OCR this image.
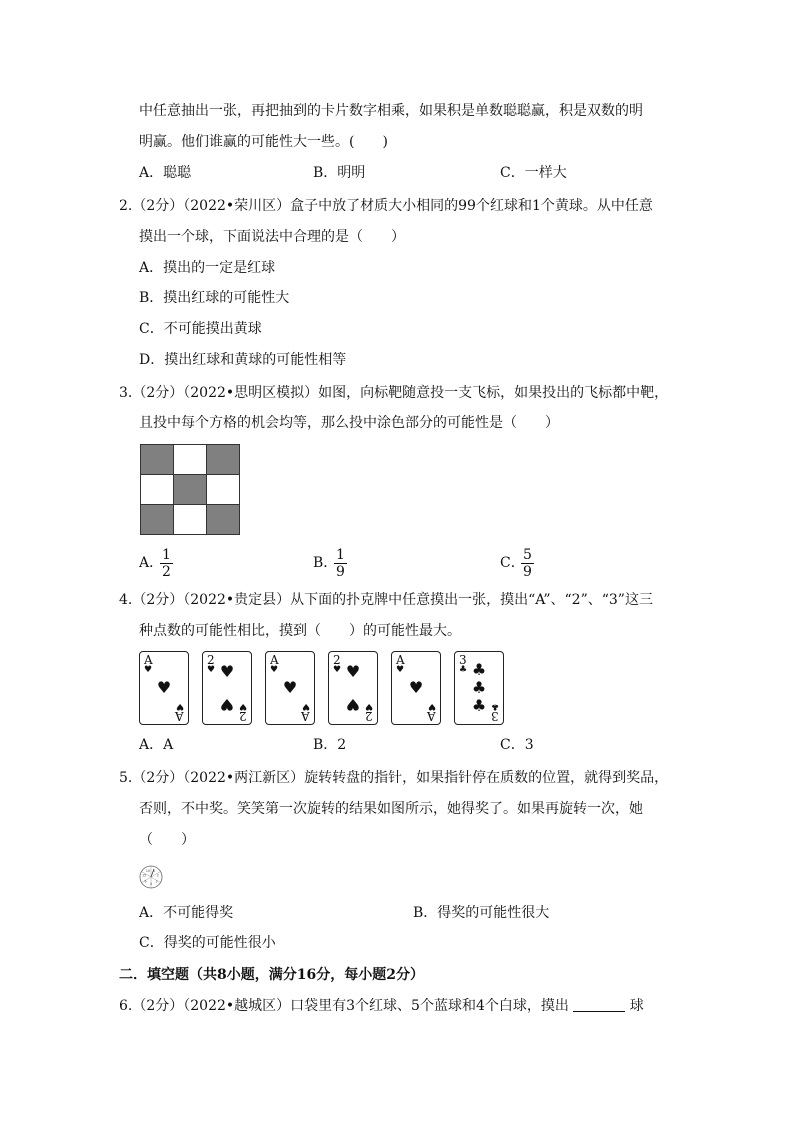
中任意抽出一张，再把抽到的卡片数字相乘，如果积是单数聪聪赢，积是双数的明
明赢。他们谁赢的可能性大一些。(　　)
A．聪聪	B．明明	C．一样大
2.（2分）（2022•荣川区）盒子中放了材质大小相同的99个红球和1个黄球。从中任意
摸出一个球，下面说法中合理的是（　　）
A．摸出的一定是红球
B．摸出红球的可能性大
C．不可能摸出黄球
D．摸出红球和黄球的可能性相等
3.（2分）（2022•思明区模拟）如图，向标靶随意投一支飞标，如果投出的飞标都中靶，
且投中每个方格的机会均等，那么投中涂色部分的可能性是（　　）

A．
$\frac{1}{2}$	B．
$\frac{1}{9}$	C．
$\frac{5}{9}$
4.（2分）（2022•贵定县）从下面的扑克牌中任意摸出一张，摸出“A”、“2”、“3”这三
种点数的可能性相比，摸到（　　）的可能性最大。
A
♥
A
♥
♥
2
♥
2
♥
♥
♥
A
♥
A
♥
♥
2
♥
2
♥
♥
♥
A
♥
A
♥
♥
3
♣
3
♣
♣
♣
♣
A．A	B．2	C．3
5.（2分）（2022•两江新区）旋转转盘的指针，如果指针停在质数的位置，就得到奖品，
否则，不中奖。笑笑第一次旋转的结果如图所示，她得奖了。如果再旋转一次，她
（　　）
1
2
3
4
6
15
10
A．不可能得奖	B．得奖的可能性很大
C．得奖的可能性很小
二．填空题（共8小题，满分16分，每小题2分）
6.（2分）（2022•越城区）口袋里有3个红球、5个蓝球和4个白球，摸出	球
